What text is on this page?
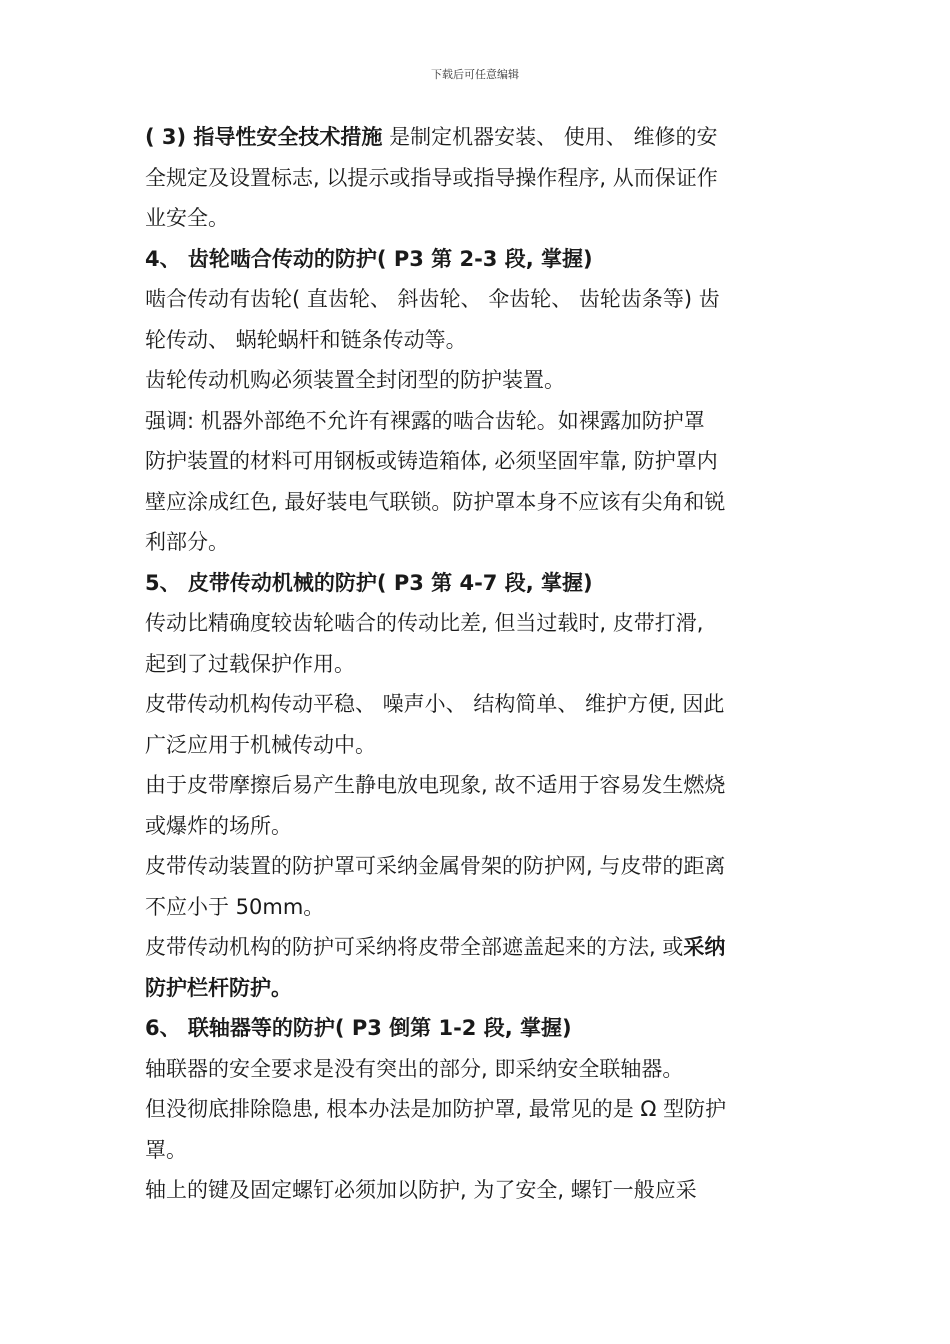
下载后可任意编辑
( 3) 指导性安全技术措施 是制定机器安装、 使用、 维修的安
全规定及设置标志, 以提示或指导或指导操作程序, 从而保证作
业安全。
4、 齿轮啮合传动的防护( P3 第 2-3 段, 掌握)
啮合传动有齿轮( 直齿轮、 斜齿轮、 伞齿轮、 齿轮齿条等) 齿
轮传动、 蜗轮蜗杆和链条传动等。
齿轮传动机购必须装置全封闭型的防护装置。
强调: 机器外部绝不允许有裸露的啮合齿轮。如裸露加防护罩
防护装置的材料可用钢板或铸造箱体, 必须坚固牢靠, 防护罩内
壁应涂成红色, 最好装电气联锁。防护罩本身不应该有尖角和锐
利部分。
5、 皮带传动机械的防护( P3 第 4-7 段, 掌握)
传动比精确度较齿轮啮合的传动比差, 但当过载时, 皮带打滑,
起到了过载保护作用。
皮带传动机构传动平稳、 噪声小、 结构简单、 维护方便, 因此
广泛应用于机械传动中。
由于皮带摩擦后易产生静电放电现象, 故不适用于容易发生燃烧
或爆炸的场所。
皮带传动装置的防护罩可采纳金属骨架的防护网, 与皮带的距离
不应小于 50mm。
皮带传动机构的防护可采纳将皮带全部遮盖起来的方法, 或采纳
防护栏杆防护。
6、 联轴器等的防护( P3 倒第 1-2 段, 掌握)
轴联器的安全要求是没有突出的部分, 即采纳安全联轴器。
但没彻底排除隐患, 根本办法是加防护罩, 最常见的是 Ω 型防护
罩。
轴上的键及固定螺钉必须加以防护, 为了安全, 螺钉一般应采
